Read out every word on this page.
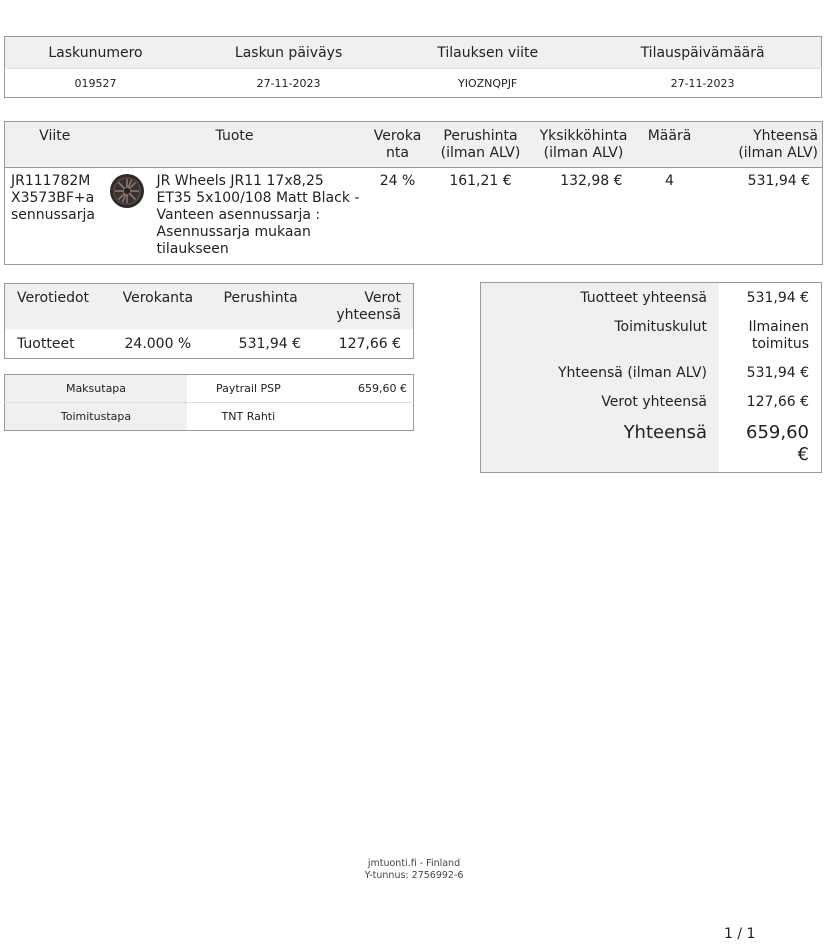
Laskunumero	Laskun päiväys	Tilauksen viite	Tilauspäivämäärä
019527	27-11-2023	YIOZNQPJF	27-11-2023
Viite	Tuote		Veroka nta	Perushinta (ilman ALV)	Yksikköhinta (ilman ALV)	Määrä	Yhteensä (ilman ALV)
JR111782M X3573BF+a sennussarja		JR Wheels JR11 17x8,25 ET35 5x100/108 Matt Black - Vanteen asennussarja : Asennussarja mukaan tilaukseen	24 %	161,21 €	132,98 €	4	531,94 €
Verotiedot	Verokanta	Perushinta	Verot yhteensä
Tuotteet	24.000 %	531,94 €	127,66 €
Maksutapa	Paytrail PSP	659,60 €
Toimitustapa	TNT Rahti	
Tuotteet yhteensä	531,94 €
Toimituskulut	Ilmainen toimitus
Yhteensä (ilman ALV)	531,94 €
Verot yhteensä	127,66 €
Yhteensä	659,60 €
jmtuonti.fi - Finland
Y-tunnus: 2756992-6
1 / 1
